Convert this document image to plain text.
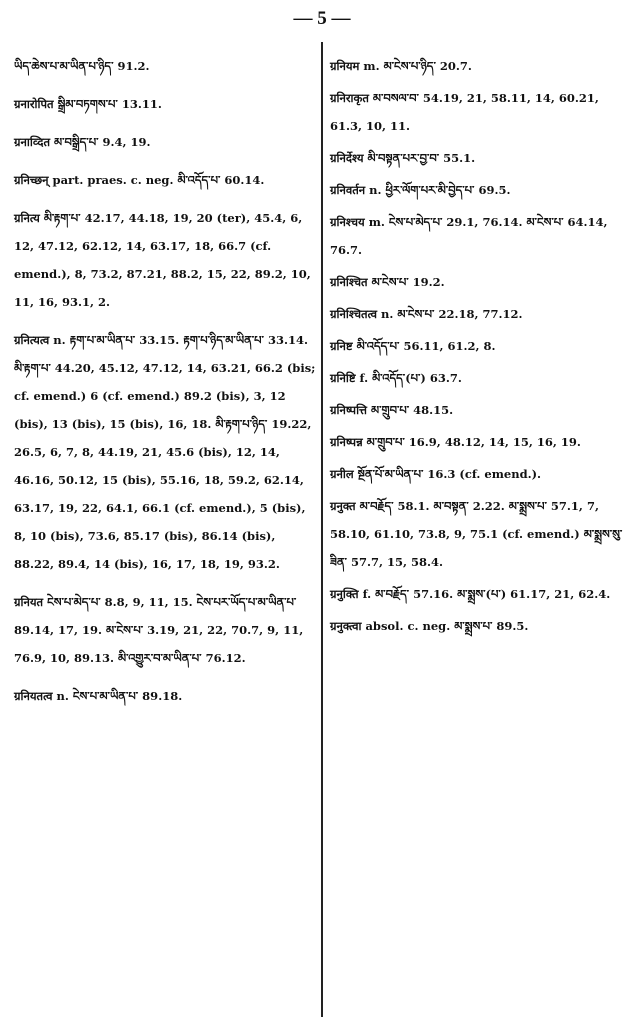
— 5 —
ཡིད་ཆེས་པ་མ་ཡིན་པ་ཉིད་ 91.2.
ग्रनारोपित སྒྲིམ་བཏགས་པ་ 13.11.
ग्रनाव्दित མ་བསྒྲིད་པ་ 9.4, 19.
ग्रनिच्छन् part. praes. c. neg. མི་འདོད་པ་ 60.14.
ग्रनित्य མི་རྟག་པ་ 42.17, 44.18, 19, 20 (ter), 45.4, 6, 12, 47.12, 62.12, 14, 63.17, 18, 66.7 (cf. emend.), 8, 73.2, 87.21, 88.2, 15, 22, 89.2, 10, 11, 16, 93.1, 2.
ग्रनित्यत्व n. རྟག་པ་མ་ཡིན་པ་ 33.15. རྟག་པ་ཉིད་མ་ཡིན་པ་ 33.14. མི་རྟག་པ་ 44.20, 45.12, 47.12, 14, 63.21, 66.2 (bis; cf. emend.) 6 (cf. emend.) 89.2 (bis), 3, 12 (bis), 13 (bis), 15 (bis), 16, 18. མི་རྟག་པ་ཉིད་ 19.22, 26.5, 6, 7, 8, 44.19, 21, 45.6 (bis), 12, 14, 46.16, 50.12, 15 (bis), 55.16, 18, 59.2, 62.14, 63.17, 19, 22, 64.1, 66.1 (cf. emend.), 5 (bis), 8, 10 (bis), 73.6, 85.17 (bis), 86.14 (bis), 88.22, 89.4, 14 (bis), 16, 17, 18, 19, 93.2.
ग्रनियत ངེས་པ་མེད་པ་ 8.8, 9, 11, 15. ངེས་པར་ཡོད་པ་མ་ཡིན་པ་ 89.14, 17, 19. མ་ངེས་པ་ 3.19, 21, 22, 70.7, 9, 11, 76.9, 10, 89.13. མི་འགྱུར་བ་མ་ཡིན་པ་ 76.12.
ग्रनियतत्व n. ངེས་པ་མ་ཡིན་པ་ 89.18.
ग्रनियम m. མ་ངེས་པ་ཉིད་ 20.7.
ग्रनिराकृत མ་བསལ་བ་ 54.19, 21, 58.11, 14, 60.21, 61.3, 10, 11.
ग्रनिर्देश्य མི་བསྟན་པར་བྱ་བ་ 55.1.
ग्रनिवर्तन n. ཕྱིར་ལོག་པར་མི་བྱེད་པ་ 69.5.
ग्रनिश्चय m. ངེས་པ་མེད་པ་ 29.1, 76.14. མ་ངེས་པ་ 64.14, 76.7.
ग्रनिश्चित མ་ངེས་པ་ 19.2.
ग्रनिश्चितत्व n. མ་ངེས་པ་ 22.18, 77.12.
ग्रनिष्ट མི་འདོད་པ་ 56.11, 61.2, 8.
ग्रनिष्टि f. མི་འདོད་(པ་) 63.7.
ग्रनिष्पत्ति མ་གྲུབ་པ་ 48.15.
ग्रनिष्पन्न མ་གྲུབ་པ་ 16.9, 48.12, 14, 15, 16, 19.
ग्रनील སྔོན་པོ་མ་ཡིན་པ་ 16.3 (cf. emend.).
ग्रनुक्त མ་བརྗོད་ 58.1. མ་བསྟན་ 2.22. མ་སྨྲས་པ་ 57.1, 7, 58.10, 61.10, 73.8, 9, 75.1 (cf. emend.) མ་སྨྲས་སུ་ཟིན་ 57.7, 15, 58.4.
ग्रनुक्ति f. མ་བརྗོད་ 57.16. མ་སྨྲས་(པ་) 61.17, 21, 62.4.
ग्रनुक्त्वा absol. c. neg. མ་སྨྲས་པ་ 89.5.
